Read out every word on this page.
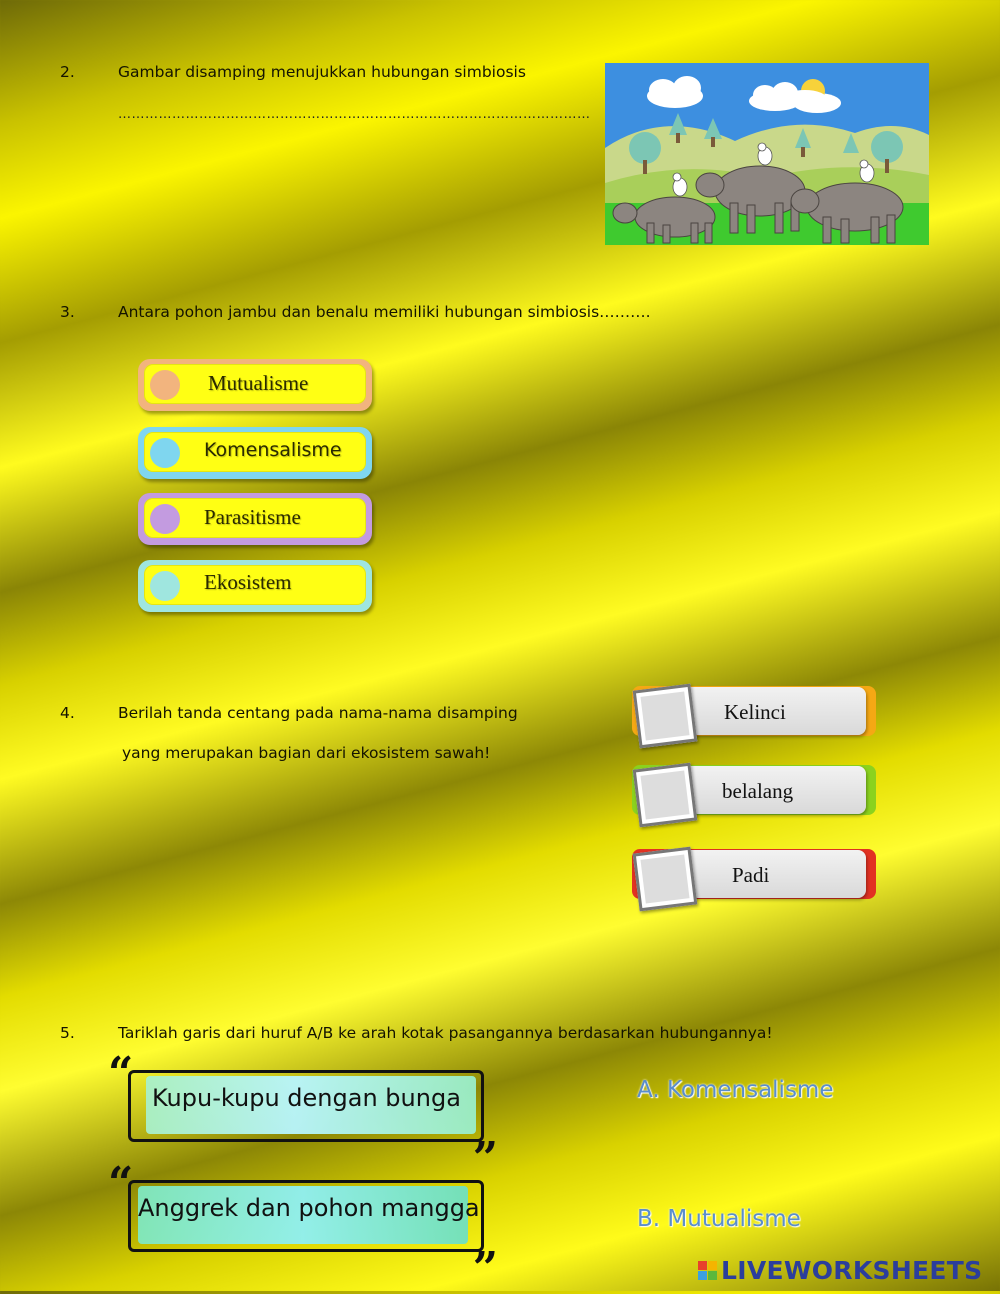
2.	Gambar disamping menujukkan hubungan simbiosis
……………………………………………………………………………………………
3.	Antara pohon jambu dan benalu memiliki hubungan simbiosis……….
Mutualisme
Komensalisme
Parasitisme
Ekosistem
4.	Berilah tanda centang pada nama-nama disamping
yang merupakan bagian dari ekosistem sawah!
Kelinci
belalang
Padi
5.	Tariklah garis dari huruf A/B ke arah kotak pasangannya berdasarkan hubungannya!
“ Kupu-kupu dengan bunga
”
“ Anggrek dan pohon mangga
”
A. Komensalisme
B. Mutualisme
LIVEWORKSHEETS
